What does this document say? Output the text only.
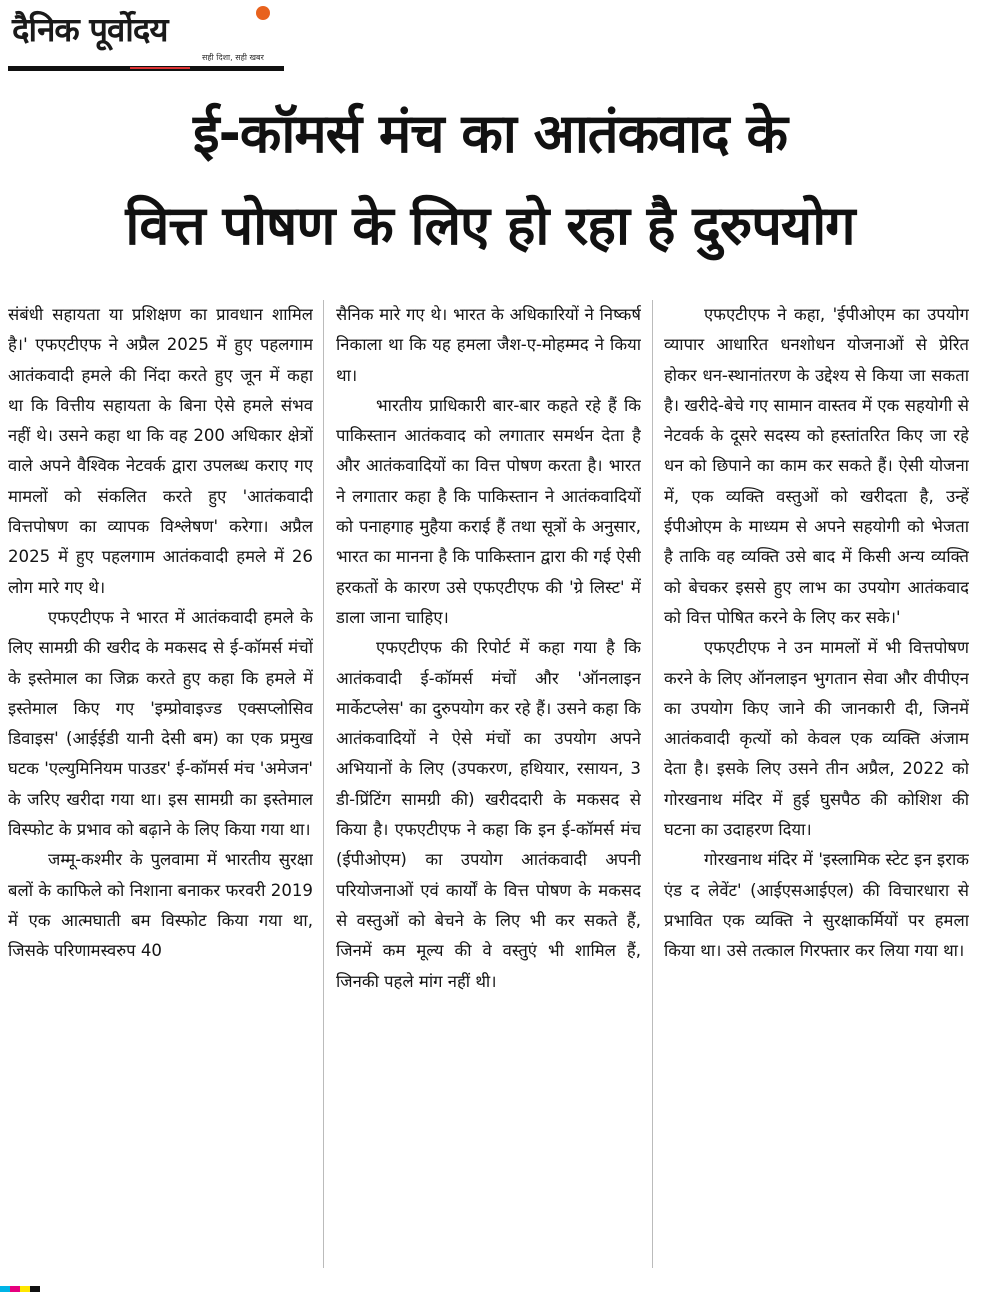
दैनिक पूर्वोदय
सही दिशा, सही खबर
ई-कॉमर्स मंच का आतंकवाद के
वित्त पोषण के लिए हो रहा है दुरुपयोग

संबंधी सहायता या प्रशिक्षण का प्रावधान शामिल है।' एफएटीएफ ने अप्रैल 2025 में हुए पहलगाम आतंकवादी हमले की निंदा करते हुए जून में कहा था कि वित्तीय सहायता के बिना ऐसे हमले संभव नहीं थे। उसने कहा था कि वह 200 अधिकार क्षेत्रों वाले अपने वैश्विक नेटवर्क द्वारा उपलब्ध कराए गए मामलों को संकलित करते हुए 'आतंकवादी वित्तपोषण का व्यापक विश्लेषण' करेगा। अप्रैल 2025 में हुए पहलगाम आतंकवादी हमले में 26 लोग मारे गए थे।

एफएटीएफ ने भारत में आतंकवादी हमले के लिए सामग्री की खरीद के मकसद से ई-कॉमर्स मंचों के इस्तेमाल का जिक्र करते हुए कहा कि हमले में इस्तेमाल किए गए 'इम्प्रोवाइज्ड एक्सप्लोसिव डिवाइस' (आईईडी यानी देसी बम) का एक प्रमुख घटक 'एल्युमिनियम पाउडर' ई-कॉमर्स मंच 'अमेजन' के जरिए खरीदा गया था। इस सामग्री का इस्तेमाल विस्फोट के प्रभाव को बढ़ाने के लिए किया गया था।

जम्मू-कश्मीर के पुलवामा में भारतीय सुरक्षा बलों के काफिले को निशाना बनाकर फरवरी 2019 में एक आत्मघाती बम विस्फोट किया गया था, जिसके परिणामस्वरुप 40

सैनिक मारे गए थे। भारत के अधिकारियों ने निष्कर्ष निकाला था कि यह हमला जैश-ए-मोहम्मद ने किया था।

भारतीय प्राधिकारी बार-बार कहते रहे हैं कि पाकिस्तान आतंकवाद को लगातार समर्थन देता है और आतंकवादियों का वित्त पोषण करता है। भारत ने लगातार कहा है कि पाकिस्तान ने आतंकवादियों को पनाहगाह मुहैया कराई हैं तथा सूत्रों के अनुसार, भारत का मानना है कि पाकिस्तान द्वारा की गई ऐसी हरकतों के कारण उसे एफएटीएफ की 'ग्रे लिस्ट' में डाला जाना चाहिए।

एफएटीएफ की रिपोर्ट में कहा गया है कि आतंकवादी ई-कॉमर्स मंचों और 'ऑनलाइन मार्केटप्लेस' का दुरुपयोग कर रहे हैं। उसने कहा कि आतंकवादियों ने ऐसे मंचों का उपयोग अपने अभियानों के लिए (उपकरण, हथियार, रसायन, 3 डी-प्रिंटिंग सामग्री की) खरीददारी के मकसद से किया है। एफएटीएफ ने कहा कि इन ई-कॉमर्स मंच (ईपीओएम) का उपयोग आतंकवादी अपनी परियोजनाओं एवं कार्यों के वित्त पोषण के मकसद से वस्तुओं को बेचने के लिए भी कर सकते हैं, जिनमें कम मूल्य की वे वस्तुएं भी शामिल हैं, जिनकी पहले मांग नहीं थी।

एफएटीएफ ने कहा, 'ईपीओएम का उपयोग व्यापार आधारित धनशोधन योजनाओं से प्रेरित होकर धन-स्थानांतरण के उद्देश्य से किया जा सकता है। खरीदे-बेचे गए सामान वास्तव में एक सहयोगी से नेटवर्क के दूसरे सदस्य को हस्तांतरित किए जा रहे धन को छिपाने का काम कर सकते हैं। ऐसी योजना में, एक व्यक्ति वस्तुओं को खरीदता है, उन्हें ईपीओएम के माध्यम से अपने सहयोगी को भेजता है ताकि वह व्यक्ति उसे बाद में किसी अन्य व्यक्ति को बेचकर इससे हुए लाभ का उपयोग आतंकवाद को वित्त पोषित करने के लिए कर सके।'

एफएटीएफ ने उन मामलों में भी वित्तपोषण करने के लिए ऑनलाइन भुगतान सेवा और वीपीएन का उपयोग किए जाने की जानकारी दी, जिनमें आतंकवादी कृत्यों को केवल एक व्यक्ति अंजाम देता है। इसके लिए उसने तीन अप्रैल, 2022 को गोरखनाथ मंदिर में हुई घुसपैठ की कोशिश की घटना का उदाहरण दिया।

गोरखनाथ मंदिर में 'इस्लामिक स्टेट इन इराक एंड द लेवेंट' (आईएसआईएल) की विचारधारा से प्रभावित एक व्यक्ति ने सुरक्षाकर्मियों पर हमला किया था। उसे तत्काल गिरफ्तार कर लिया गया था।
